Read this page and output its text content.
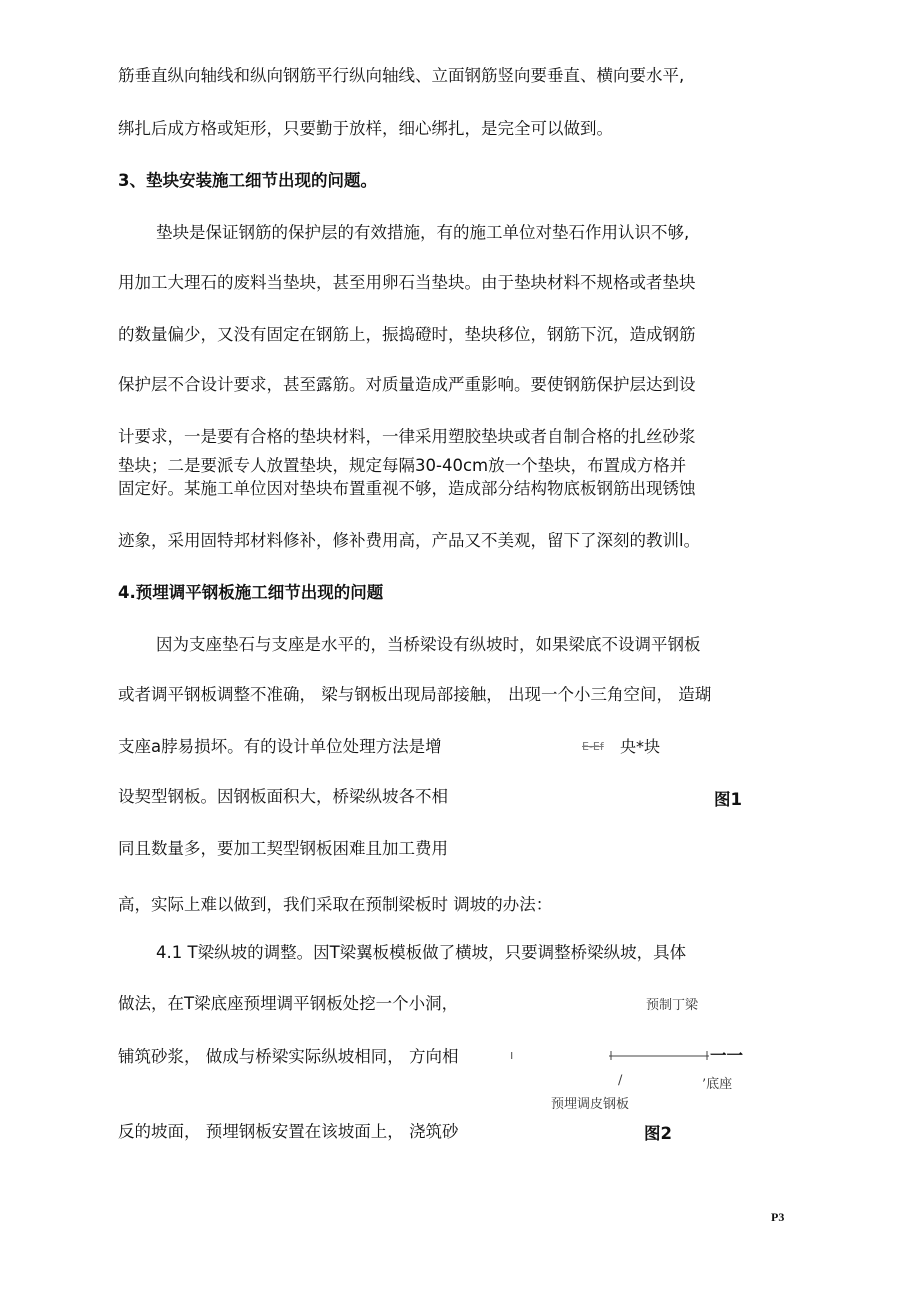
筋垂直纵向轴线和纵向钢筋平行纵向轴线、立面钢筋竖向要垂直、横向要水平,
绑扎后成方格或矩形，只要勤于放样，细心绑扎，是完全可以做到。
3、垫块安装施工细节出现的问题。
垫块是保证钢筋的保护层的有效措施，有的施工单位对垫石作用认识不够,
用加工大理石的废料当垫块，甚至用卵石当垫块。由于垫块材料不规格或者垫块
的数量偏少，又没有固定在钢筋上，振捣磴时，垫块移位，钢筋下沉，造成钢筋
保护层不合设计要求，甚至露筋。对质量造成严重影响。要使钢筋保护层达到设
计要求，一是要有合格的垫块材料，一律采用塑胶垫块或者自制合格的扎丝砂浆
垫块；二是要派专人放置垫块，规定每隔30-40cm放一个垫块，布置成方格并
固定好。某施工单位因对垫块布置重视不够，造成部分结构物底板钢筋出现锈蚀
迹象，采用固特邦材料修补，修补费用高，产品又不美观，留下了深刻的教训l。
4.预埋调平钢板施工细节出现的问题
因为支座垫石与支座是水平的，当桥梁设有纵坡时，如果梁底不设调平钢板
或者调平钢板调整不准确， 梁与钢板出现局部接触， 出现一个小三角空间， 造瑚
支座a脖易损坏。有的设计单位处理方法是增
设契型钢板。因钢板面积大，桥梁纵坡各不相
同且数量多，要加工契型钢板困难且加工费用
高，实际上难以做到，我们采取在预制梁板时 调坡的办法：
4.1 T梁纵坡的调整。因T梁翼板模板做了横坡，只要调整桥梁纵坡，具体
做法，在T梁底座预埋调平钢板处挖一个小洞，
铺筑砂浆， 做成与桥梁实际纵坡相同， 方向相
反的坡面， 预埋钢板安置在该坡面上， 浇筑砂
E-Ef 央*块
图1
预制丁梁
ı	一一
/	’底座
预埋调皮钢板
图2
P3
